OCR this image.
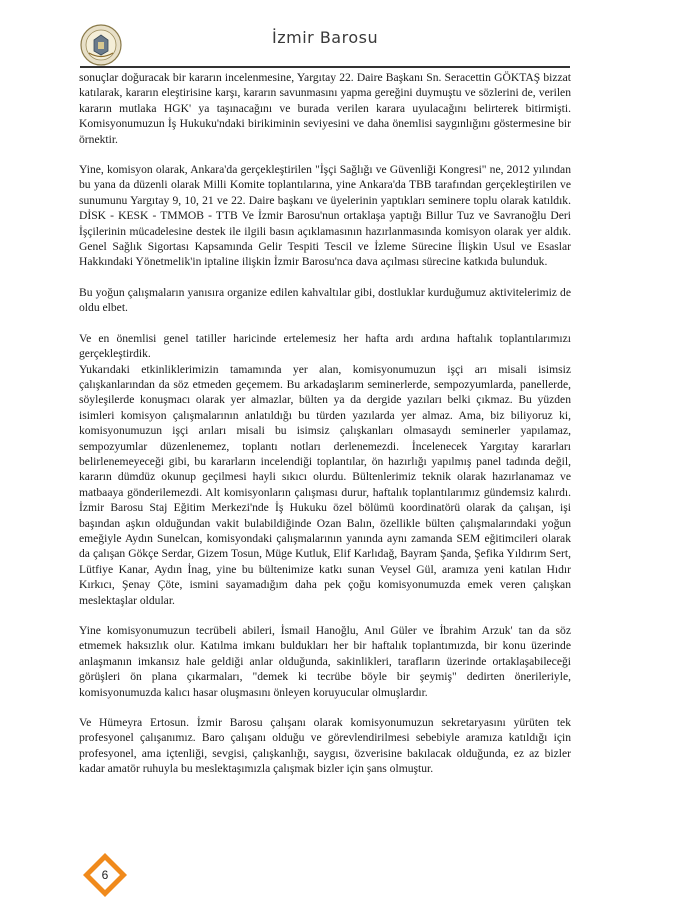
İzmir Barosu

sonuçlar doğuracak bir kararın incelenmesine, Yargıtay 22. Daire Başkanı Sn. Seracettin GÖKTAŞ bizzat katılarak, kararın eleştirisine karşı, kararın savunmasını yapma gereğini duymuştu ve sözlerini de, verilen kararın mutlaka HGK' ya taşınacağını ve burada verilen karara uyulacağını belirterek bitirmişti. Komisyonumuzun İş Hukuku'ndaki birikiminin seviyesini ve daha önemlisi saygınlığını göstermesine bir örnektir.

Yine, komisyon olarak, Ankara'da gerçekleştirilen "İşçi Sağlığı ve Güvenliği Kongresi" ne, 2012 yılından bu yana da düzenli olarak Milli Komite toplantılarına, yine Ankara'da TBB tarafından gerçekleştirilen ve sunumunu Yargıtay 9, 10, 21 ve 22. Daire başkanı ve üyelerinin yaptıkları seminere toplu olarak katıldık. DİSK - KESK - TMMOB - TTB Ve İzmir Barosu'nun ortaklaşa yaptığı Billur Tuz ve Savranoğlu Deri İşçilerinin mücadelesine destek ile ilgili basın açıklamasının hazırlanmasında komisyon olarak yer aldık. Genel Sağlık Sigortası Kapsamında Gelir Tespiti Tescil ve İzleme Sürecine İlişkin Usul ve Esaslar Hakkındaki Yönetmelik'in iptaline ilişkin İzmir Barosu'nca dava açılması sürecine katkıda bulunduk.

Bu yoğun çalışmaların yanısıra organize edilen kahvaltılar gibi, dostluklar kurduğumuz aktivitelerimiz de oldu elbet.

Ve en önemlisi genel tatiller haricinde ertelemesiz her hafta ardı ardına haftalık toplantılarımızı gerçekleştirdik.

Yukarıdaki etkinliklerimizin tamamında yer alan, komisyonumuzun işçi arı misali isimsiz çalışkanlarından da söz etmeden geçemem. Bu arkadaşlarım seminerlerde, sempozyumlarda, panellerde, söyleşilerde konuşmacı olarak yer almazlar, bülten ya da dergide yazıları belki çıkmaz. Bu yüzden isimleri komisyon çalışmalarının anlatıldığı bu türden yazılarda yer almaz. Ama, biz biliyoruz ki, komisyonumuzun işçi arıları misali bu isimsiz çalışkanları olmasaydı seminerler yapılamaz, sempozyumlar düzenlenemez, toplantı notları derlenemezdi. İncelenecek Yargıtay kararları belirlenemeyeceği gibi, bu kararların incelendiği toplantılar, ön hazırlığı yapılmış panel tadında değil, kararın dümdüz okunup geçilmesi hayli sıkıcı olurdu. Bültenlerimiz teknik olarak hazırlanamaz ve matbaaya gönderilemezdi. Alt komisyonların çalışması durur, haftalık toplantılarımız gündemsiz kalırdı. İzmir Barosu Staj Eğitim Merkezi'nde İş Hukuku özel bölümü koordinatörü olarak da çalışan, işi başından aşkın olduğundan vakit bulabildiğinde Ozan Balın, özellikle bülten çalışmalarındaki yoğun emeğiyle Aydın Sunelcan, komisyondaki çalışmalarının yanında aynı zamanda SEM eğitimcileri olarak da çalışan Gökçe Serdar, Gizem Tosun, Müge Kutluk, Elif Karlıdağ, Bayram Şanda, Şefika Yıldırım Sert, Lütfiye Kanar, Aydın İnag, yine bu bültenimize katkı sunan Veysel Gül, aramıza yeni katılan Hıdır Kırkıcı, Şenay Çöte, ismini sayamadığım daha pek çoğu komisyonumuzda emek veren çalışkan meslektaşlar oldular.

Yine komisyonumuzun tecrübeli abileri, İsmail Hanoğlu, Anıl Güler ve İbrahim Arzuk' tan da söz etmemek haksızlık olur. Katılma imkanı buldukları her bir haftalık toplantımızda, bir konu üzerinde anlaşmanın imkansız hale geldiği anlar olduğunda, sakinlikleri, tarafların üzerinde ortaklaşabileceği görüşleri ön plana çıkarmaları, "demek ki tecrübe böyle bir şeymiş" dedirten önerileriyle, komisyonumuzda kalıcı hasar oluşmasını önleyen koruyucular olmuşlardır.

Ve Hümeyra Ertosun. İzmir Barosu çalışanı olarak komisyonumuzun sekretaryasını yürüten tek profesyonel çalışanımız. Baro çalışanı olduğu ve görevlendirilmesi sebebiyle aramıza katıldığı için profesyonel, ama içtenliği, sevgisi, çalışkanlığı, saygısı, özverisine bakılacak olduğunda, ez az bizler kadar amatör ruhuyla bu meslektaşımızla çalışmak bizler için şans olmuştur.

6
